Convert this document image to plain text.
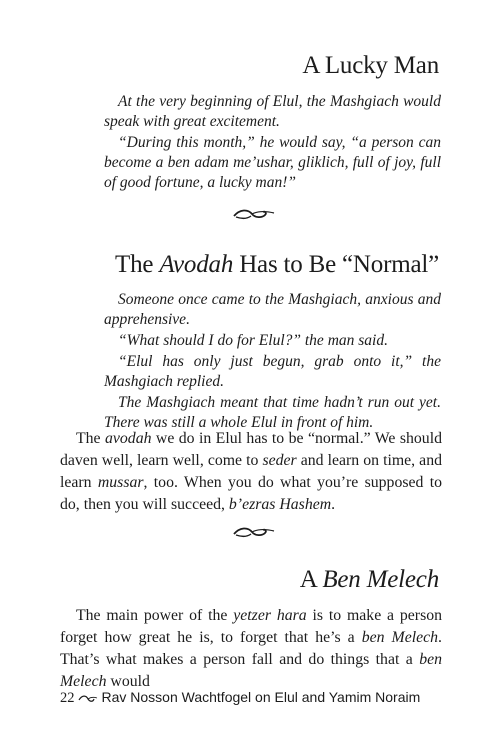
A Lucky Man

At the very beginning of Elul, the Mashgiach would speak with great excitement.

“During this month,” he would say, “a person can become a ben adam me’ushar, gliklich, full of joy, full of good fortune, a lucky man!”

The Avodah Has to Be “Normal”

Someone once came to the Mashgiach, anxious and apprehensive.

“What should I do for Elul?” the man said.

“Elul has only just begun, grab onto it,” the Mashgiach replied.

The Mashgiach meant that time hadn’t run out yet. There was still a whole Elul in front of him.

The avodah we do in Elul has to be “normal.” We should daven well, learn well, come to seder and learn on time, and learn mussar, too. When you do what you’re supposed to do, then you will succeed, b’ezras Hashem.

A Ben Melech

The main power of the yetzer hara is to make a person forget how great he is, to forget that he’s a ben Melech. That’s what makes a person fall and do things that a ben Melech would

22 Rav Nosson Wachtfogel on Elul and Yamim Noraim
